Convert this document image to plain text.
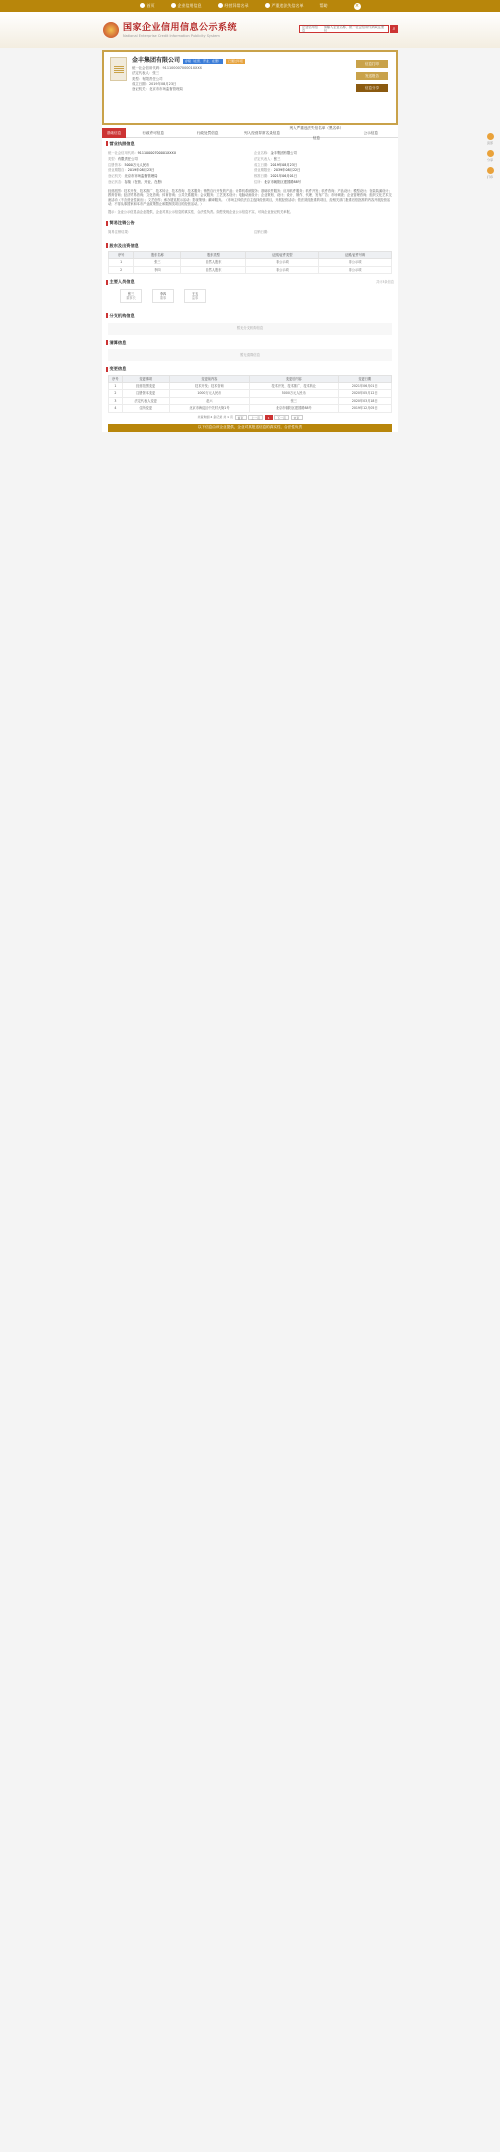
首页	企业信用信息	经营异常名录	严重违法失信名单	帮助	×
国家企业信用信息公示系统
National Enterprise Credit Information Publicity System
企业信用信息
请输入企业名称、统一社会信用代码或注册号	⌕
顶部
分享
打印
金丰集团有限公司	存续（在营、开业、在册）	已通过年报
统一社会信用代码：91110000700001XXXX
法定代表人：张三
类型：有限责任公司
成立日期：2019年08月23日
登记机关：北京市市场监督管理局
信息打印
发送报告
信息分享
基础信息	行政许可信息	行政处罚信息	列入经营异常名录信息
列入严重违法失信名单（黑名单）信息
公示信息
营业执照信息
统一社会信用代码：91110000700001XXXX	企业名称：金丰集团有限公司
类型：有限责任公司	法定代表人：张三
注册资本：5000万元人民币	成立日期：2019年08月23日
营业期限自：2019年08月23日	营业期限至：2039年08月22日
登记机关：北京市市场监督管理局	核准日期：2021年06月01日
登记状态：存续（在营、开业、在册）	住所：北京市朝阳区建国路88号
经营范围：技术开发、技术推广、技术转让、技术咨询、技术服务；销售自行开发的产品；计算机系统服务；基础软件服务；应用软件服务；软件开发；软件咨询；产品设计；模型设计；包装装潢设计；教育咨询；经济贸易咨询；文化咨询；体育咨询；公共关系服务；会议服务；工艺美术设计；电脑动画设计；企业策划、设计；设计、制作、代理、发布广告；市场调查；企业管理咨询；组织文化艺术交流活动（不含营业性演出）；文艺创作；承办展览展示活动；影视策划；翻译服务。（市场主体依法自主选择经营项目，开展经营活动；依法须经批准的项目，经相关部门批准后依批准的内容开展经营活动；不得从事国家和本市产业政策禁止和限制类项目的经营活动。）
提示：企业公示信息由企业提供，企业对其公示信息的真实性、合法性负责。如您发现企业公示信息不实，可向企业登记机关举报。
简易注销公告
简易注销结果：	注销日期：
股东及出资信息
序号	股东名称	股东类型	证照/证件类型	证照/证件号码
1	张三	自然人股东	非公示项	非公示项
2	李四	自然人股东	非公示项	非公示项
主要人员信息	共计3条信息
张三
董事长
李四
董事
王五
监事
分支机构信息
暂无分支机构信息
清算信息
暂无清算信息
变更信息
序号	变更事项	变更前内容	变更后内容	变更日期
1	经营范围变更	技术开发；技术咨询	技术开发、技术推广、技术转让	2021年06月01日
2	注册资本变更	1000万元人民币	5000万元人民币	2020年05月12日
3	法定代表人变更	赵六	张三	2020年03月18日
4	住所变更	北京市海淀区中关村大街1号	北京市朝阳区建国路88号	2019年12月05日
共查询到 4 条记录 共 1 页	首页	上一页	1	下一页	末页
以下信息由该企业提供，企业对其报送信息的真实性、合法性负责
